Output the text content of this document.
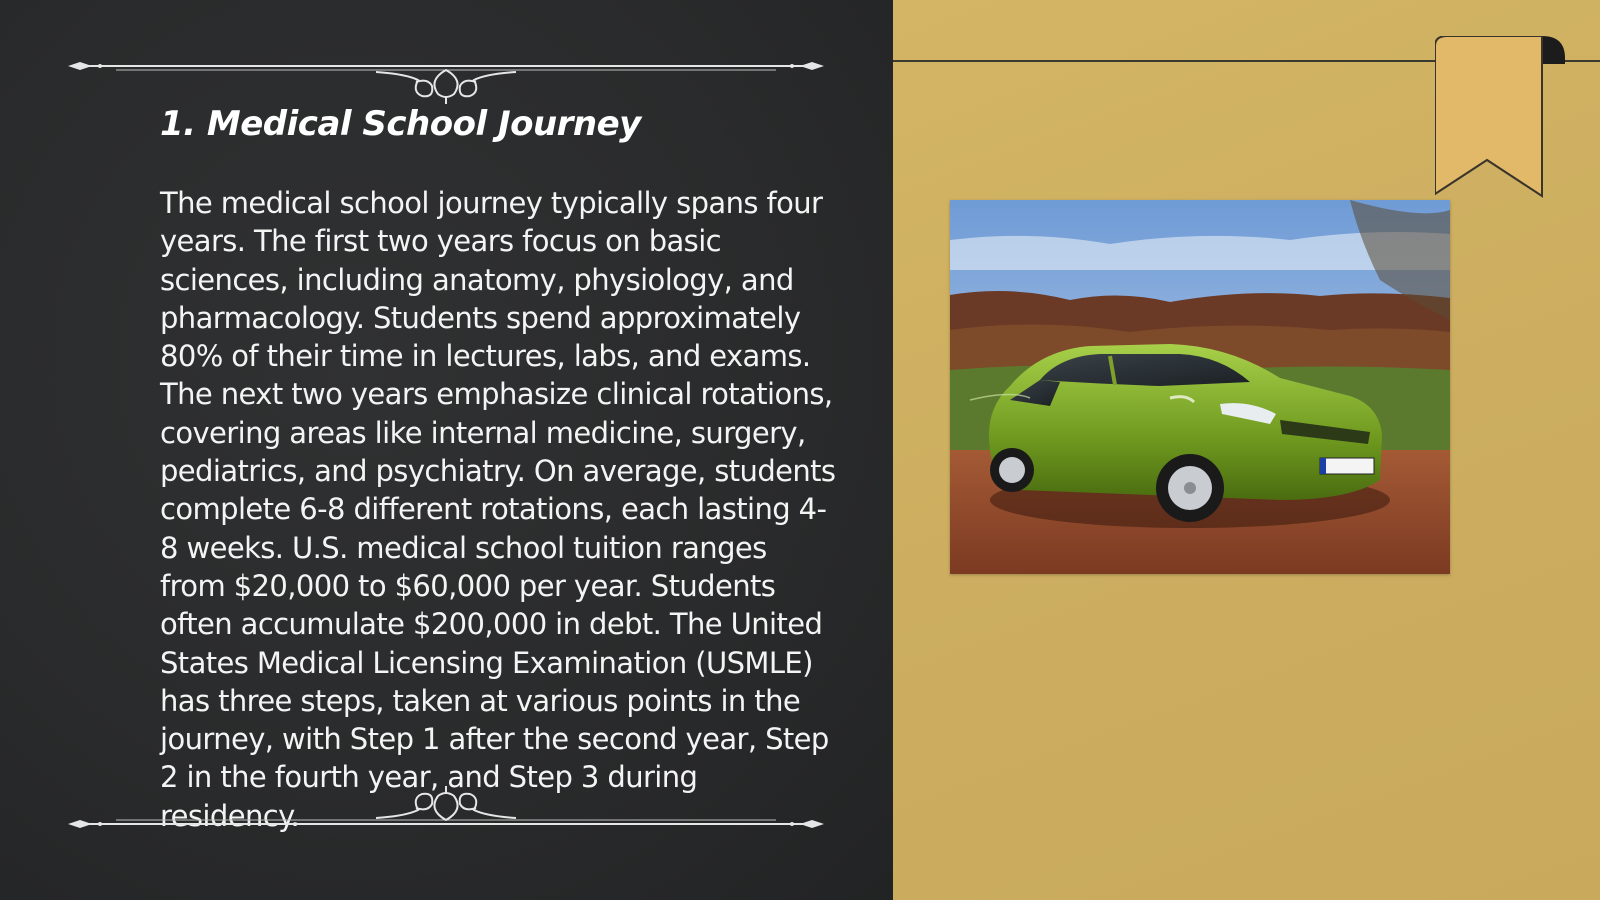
1. Medical School Journey

The medical school journey typically spans four years. The first two years focus on basic sciences, including anatomy, physiology, and pharmacology. Students spend approximately 80% of their time in lectures, labs, and exams. The next two years emphasize clinical rotations, covering areas like internal medicine, surgery, pediatrics, and psychiatry. On average, students complete 6-8 different rotations, each lasting 4-8 weeks. U.S. medical school tuition ranges from $20,000 to $60,000 per year. Students often accumulate $200,000 in debt. The United States Medical Licensing Examination (USMLE) has three steps, taken at various points in the journey, with Step 1 after the second year, Step 2 in the fourth year, and Step 3 during residency.
